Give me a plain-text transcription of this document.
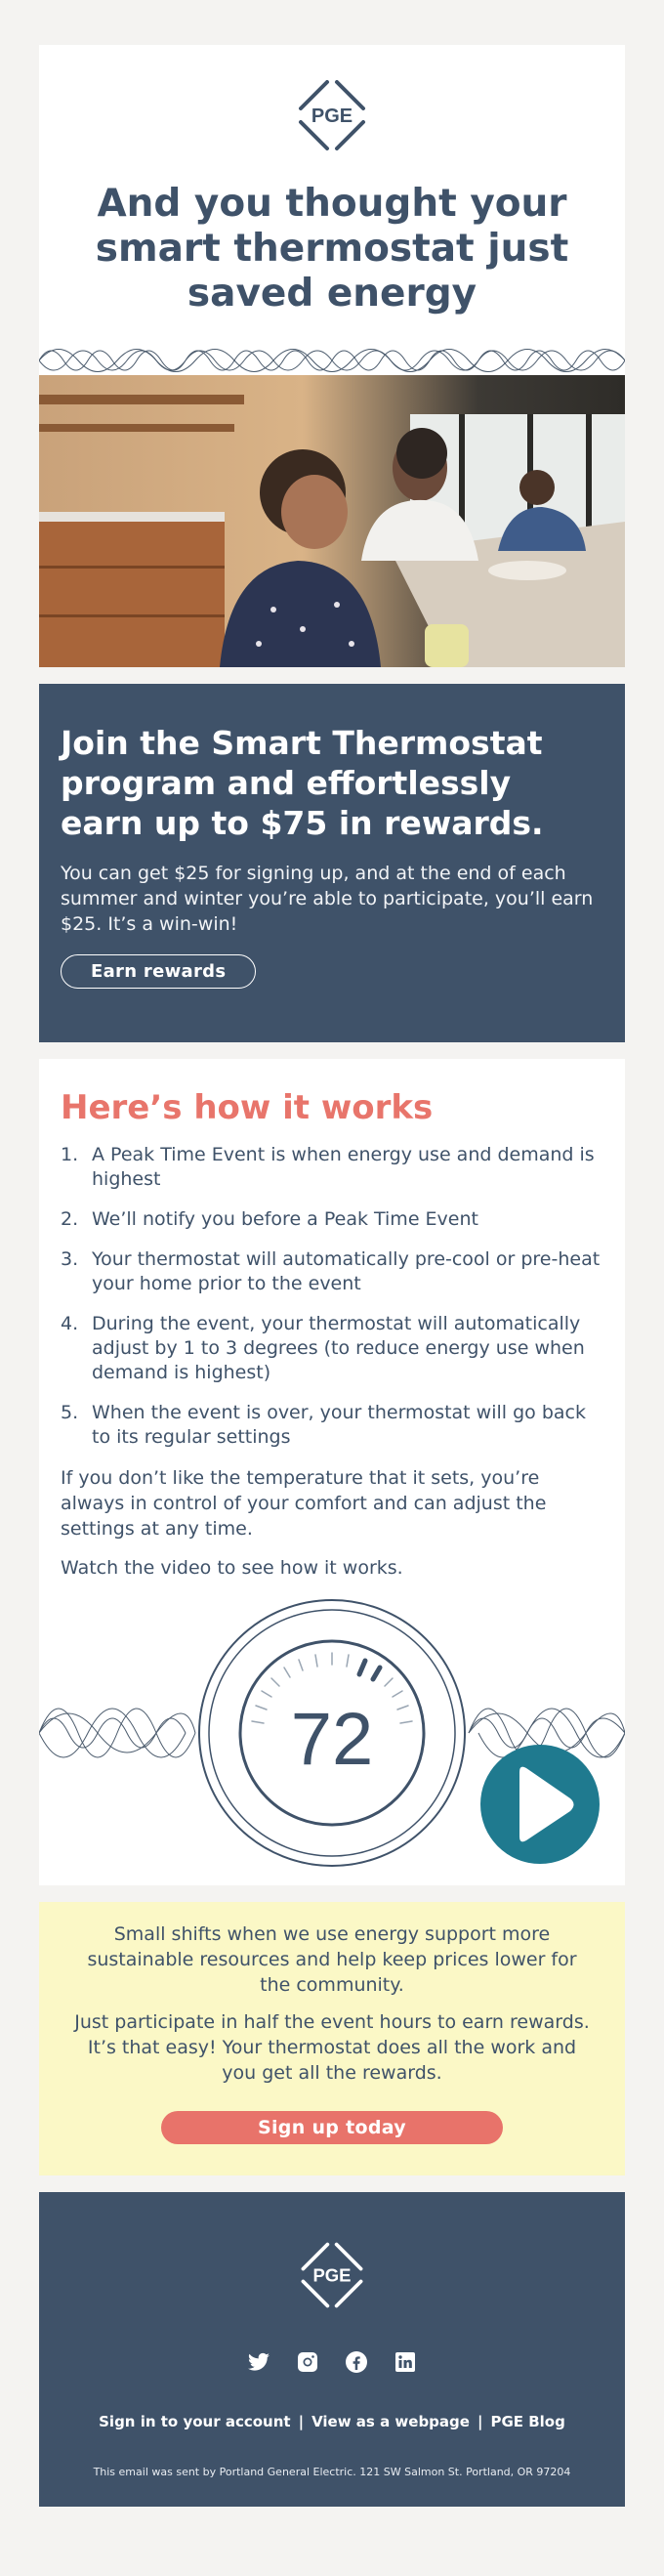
PGE
And you thought your smart thermostat just saved energy
Join the Smart Thermostat program and effortlessly earn up to $75 in rewards.

You can get $25 for signing up, and at the end of each summer and winter you’re able to participate, you’ll earn $25. It’s a win-win!

Earn rewards
Here’s how it works
1. A Peak Time Event is when energy use and demand is highest
2. We’ll notify you before a Peak Time Event
3. Your thermostat will automatically pre-cool or pre-heat your home prior to the event
4. During the event, your thermostat will automatically adjust by 1 to 3 degrees (to reduce energy use when demand is highest)
5. When the event is over, your thermostat will go back to its regular settings

If you don’t like the temperature that it sets, you’re always in control of your comfort and can adjust the settings at any time.

Watch the video to see how it works.

72

Small shifts when we use energy support more sustainable resources and help keep prices lower for the community.

Just participate in half the event hours to earn rewards. It’s that easy! Your thermostat does all the work and you get all the rewards.

Sign up today
PGE
Sign in to your account | View as a webpage | PGE Blog
This email was sent by Portland General Electric. 121 SW Salmon St. Portland, OR 97204
